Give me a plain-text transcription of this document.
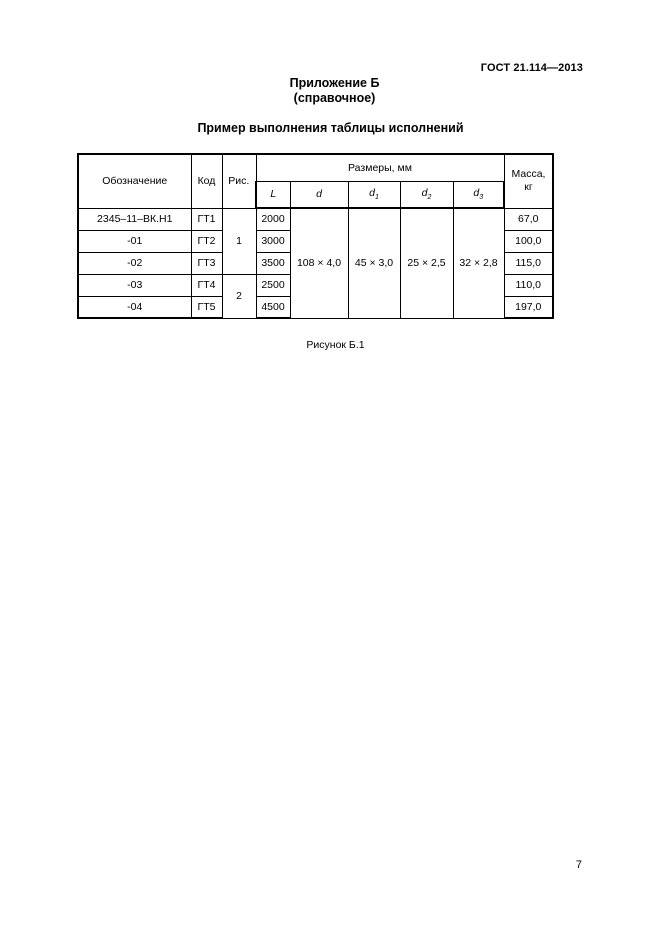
ГОСТ 21.114—2013
Приложение Б
(справочное)
Пример выполнения таблицы исполнений
Обозначение	Код	Рис.	Размеры, мм					Масса,
кг
			L	d	$d_1$	$d_2$	$d_3$
2345–11–ВК.Н1	ГТ1	1	2000	108 × 4,0	45 × 3,0	25 × 2,5	32 × 2,8	67,0
-01	ГТ2		3000					100,0
-02	ГТ3		3500					115,0
-03	ГТ4	2	2500					110,0
-04	ГТ5		4500					197,0
Рисунок Б.1
7
